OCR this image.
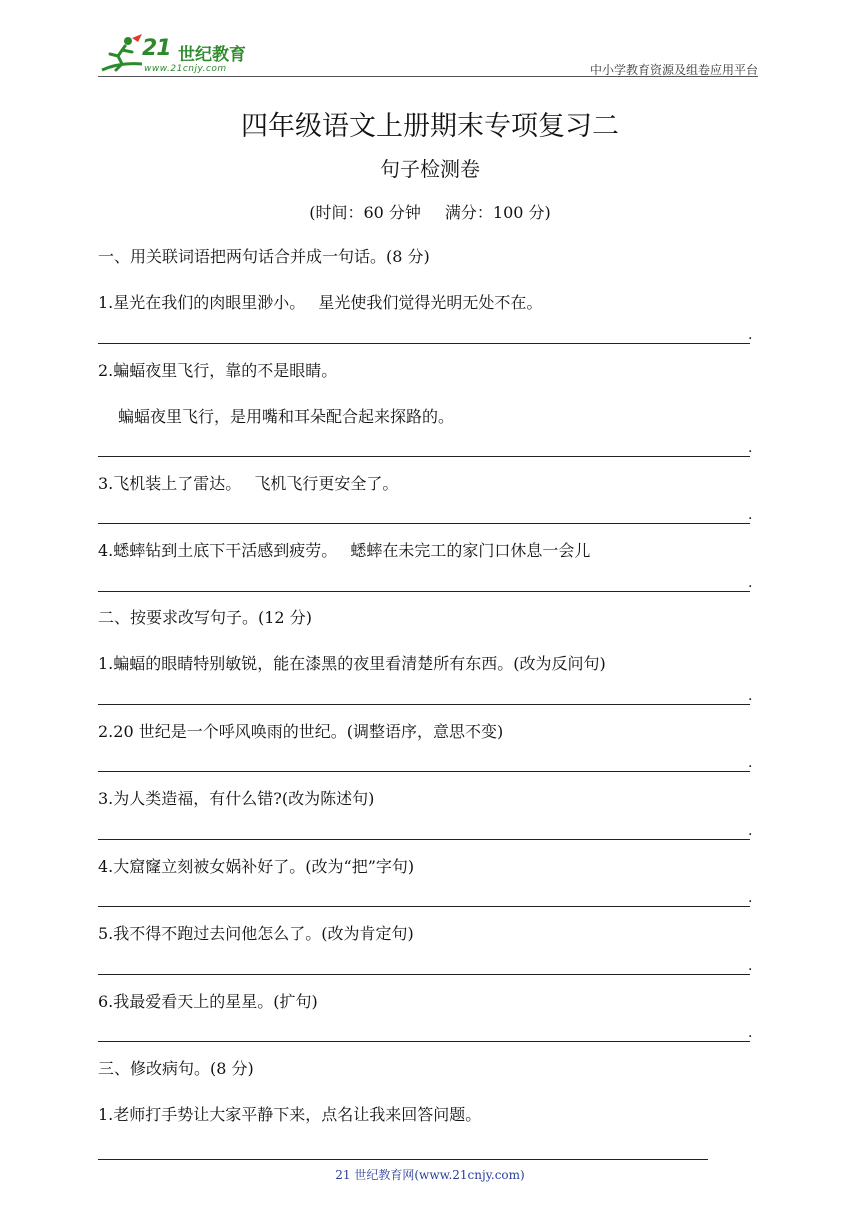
21 世纪教育
www.21cnjy.com	中小学教育资源及组卷应用平台
四年级语文上册期末专项复习二
句子检测卷
(时间：60 分钟 满分：100 分)
一、用关联词语把两句话合并成一句话。(8 分)
1.星光在我们的肉眼里渺小。　 星光使我们觉得光明无处不在。
.
2.蝙蝠夜里飞行，靠的不是眼睛。
蝙蝠夜里飞行，是用嘴和耳朵配合起来探路的。
.
3.飞机装上了雷达。　 飞机飞行更安全了。
.
4.蟋蟀钻到土底下干活感到疲劳。　 蟋蟀在未完工的家门口休息一会儿
.
二、按要求改写句子。(12 分)
1.蝙蝠的眼睛特别敏锐，能在漆黑的夜里看清楚所有东西。(改为反问句)
.
2.20 世纪是一个呼风唤雨的世纪。(调整语序，意思不变)
.
3.为人类造福，有什么错?(改为陈述句)
.
4.大窟窿立刻被女娲补好了。(改为“把”字句)
.
5.我不得不跑过去问他怎么了。(改为肯定句)
.
6.我最爱看天上的星星。(扩句)
.
三、修改病句。(8 分)
1.老师打手势让大家平静下来，点名让我来回答问题。
21 世纪教育网(www.21cnjy.com)
